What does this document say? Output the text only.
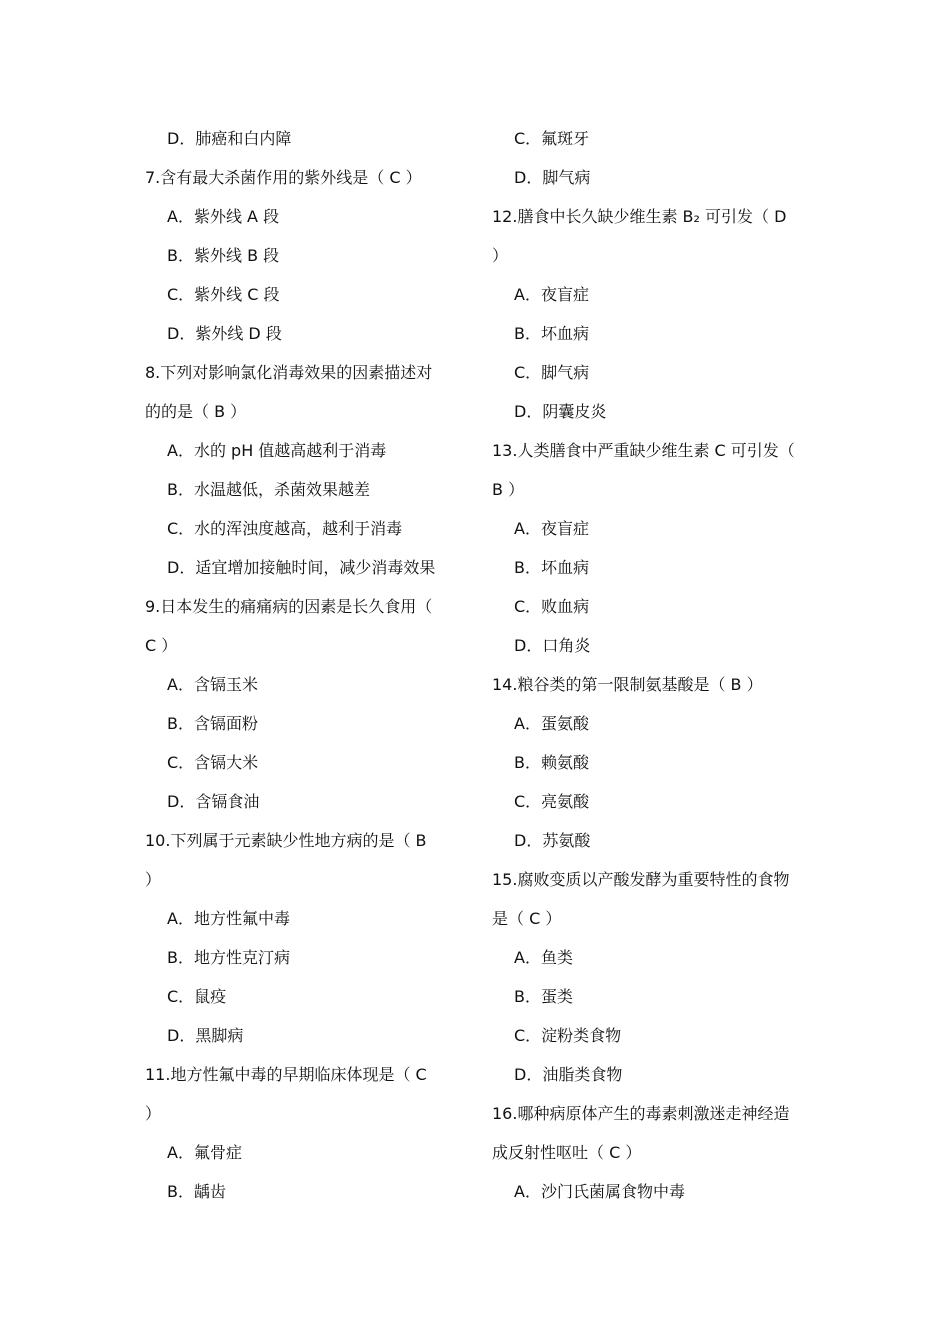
D．肺癌和白内障
7.含有最大杀菌作用的紫外线是（ C ）
A．紫外线 A 段
B．紫外线 B 段
C．紫外线 C 段
D．紫外线 D 段
8.下列对影响氯化消毒效果的因素描述对
的的是（ B ）
A．水的 pH 值越高越利于消毒
B．水温越低，杀菌效果越差
C．水的浑浊度越高，越利于消毒
D．适宜增加接触时间，减少消毒效果
9.日本发生的痛痛病的因素是长久食用（
C ）
A．含镉玉米
B．含镉面粉
C．含镉大米
D．含镉食油
10.下列属于元素缺少性地方病的是（ B
）
A．地方性氟中毒
B．地方性克汀病
C．鼠疫
D．黑脚病
11.地方性氟中毒的早期临床体现是（ C
）
A．氟骨症
B．龋齿
C．氟斑牙
D．脚气病
12.膳食中长久缺少维生素 B₂ 可引发（ D
）
A．夜盲症
B．坏血病
C．脚气病
D．阴囊皮炎
13.人类膳食中严重缺少维生素 C 可引发（
B ）
A．夜盲症
B．坏血病
C．败血病
D．口角炎
14.粮谷类的第一限制氨基酸是（ B ）
A．蛋氨酸
B．赖氨酸
C．亮氨酸
D．苏氨酸
15.腐败变质以产酸发酵为重要特性的食物
是（ C ）
A．鱼类
B．蛋类
C．淀粉类食物
D．油脂类食物
16.哪种病原体产生的毒素刺激迷走神经造
成反射性呕吐（ C ）
A．沙门氏菌属食物中毒
